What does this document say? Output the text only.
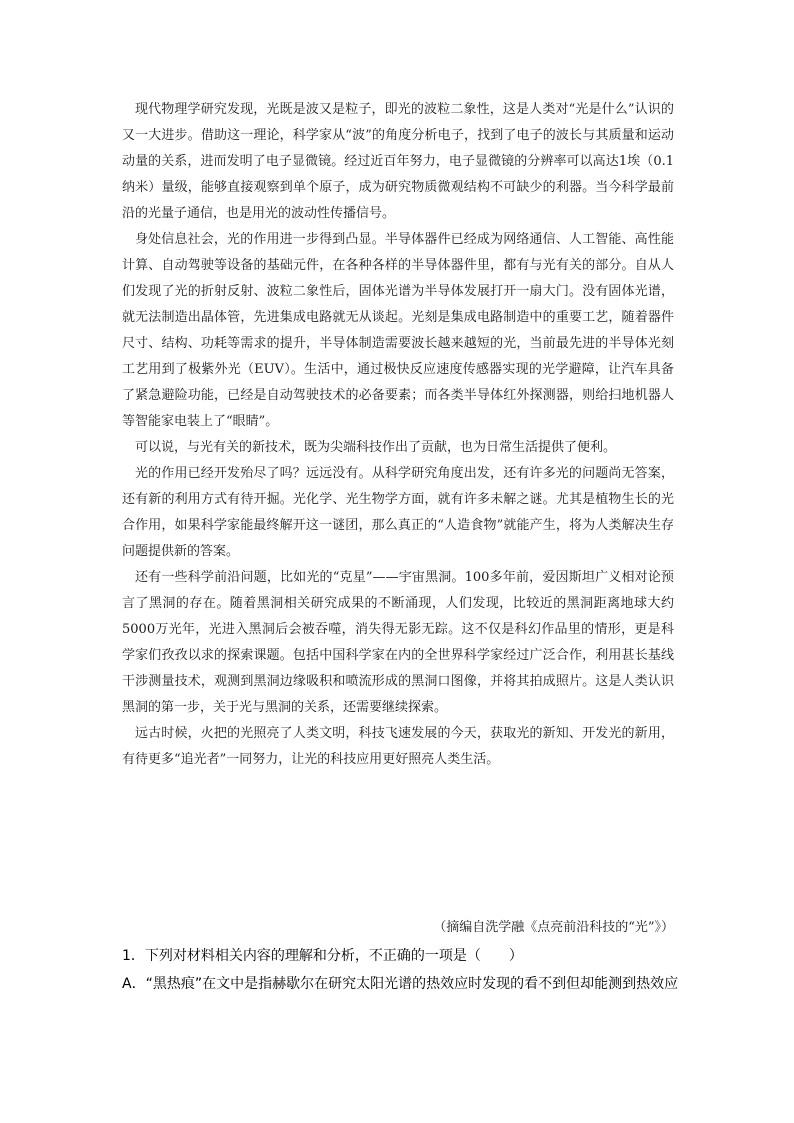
现代物理学研究发现，光既是波又是粒子，即光的波粒二象性，这是人类对“光是什么”认识的又一大进步。借助这一理论，科学家从“波”的角度分析电子，找到了电子的波长与其质量和运动动量的关系，进而发明了电子显微镜。经过近百年努力，电子显微镜的分辨率可以高达1埃（0.1纳米）量级，能够直接观察到单个原子，成为研究物质微观结构不可缺少的利器。当今科学最前沿的光量子通信，也是用光的波动性传播信号。

身处信息社会，光的作用进一步得到凸显。半导体器件已经成为网络通信、人工智能、高性能计算、自动驾驶等设备的基础元件，在各种各样的半导体器件里，都有与光有关的部分。自从人们发现了光的折射反射、波粒二象性后，固体光谱为半导体发展打开一扇大门。没有固体光谱，就无法制造出晶体管，先进集成电路就无从谈起。光刻是集成电路制造中的重要工艺，随着器件尺寸、结构、功耗等需求的提升，半导体制造需要波长越来越短的光，当前最先进的半导体光刻工艺用到了极紫外光（EUV）。生活中，通过极快反应速度传感器实现的光学避障，让汽车具备了紧急避险功能，已经是自动驾驶技术的必备要素；而各类半导体红外探测器，则给扫地机器人等智能家电装上了“眼睛”。

可以说，与光有关的新技术，既为尖端科技作出了贡献，也为日常生活提供了便利。

光的作用已经开发殆尽了吗？远远没有。从科学研究角度出发，还有许多光的问题尚无答案，还有新的利用方式有待开掘。光化学、光生物学方面，就有许多未解之谜。尤其是植物生长的光合作用，如果科学家能最终解开这一谜团，那么真正的“人造食物”就能产生，将为人类解决生存问题提供新的答案。

还有一些科学前沿问题，比如光的“克星”——宇宙黑洞。100多年前，爱因斯坦广义相对论预言了黑洞的存在。随着黑洞相关研究成果的不断涌现，人们发现，比较近的黑洞距离地球大约5000万光年，光进入黑洞后会被吞噬，消失得无影无踪。这不仅是科幻作品里的情形，更是科学家们孜孜以求的探索课题。包括中国科学家在内的全世界科学家经过广泛合作，利用甚长基线干涉测量技术，观测到黑洞边缘吸积和喷流形成的黑洞口图像，并将其拍成照片。这是人类认识黑洞的第一步，关于光与黑洞的关系，还需要继续探索。

远古时候，火把的光照亮了人类文明，科技飞速发展的今天，获取光的新知、开发光的新用，有待更多“追光者”一同努力，让光的科技应用更好照亮人类生活。

（摘编自洗学融《点亮前沿科技的“光”》）
1．下列对材料相关内容的理解和分析，不正确的一项是（　　）
A．“黑热痕”在文中是指赫歇尔在研究太阳光谱的热效应时发现的看不到但却能测到热效应
